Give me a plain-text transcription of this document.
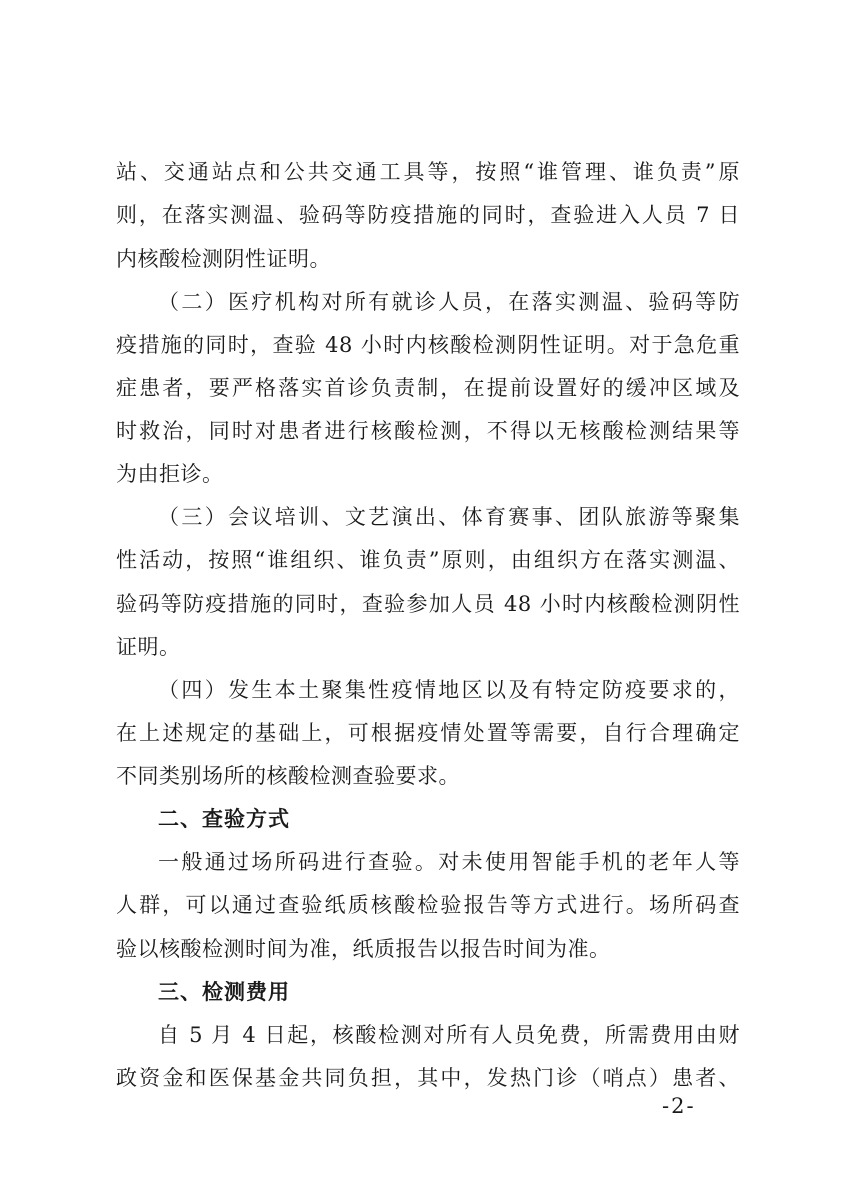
站、交通站点和公共交通工具等，按照“谁管理、谁负责”原
则，在落实测温、验码等防疫措施的同时，查验进入人员 7 日
内核酸检测阴性证明。
（二）医疗机构对所有就诊人员，在落实测温、验码等防
疫措施的同时，查验 48 小时内核酸检测阴性证明。对于急危重
症患者，要严格落实首诊负责制，在提前设置好的缓冲区域及
时救治，同时对患者进行核酸检测，不得以无核酸检测结果等
为由拒诊。
（三）会议培训、文艺演出、体育赛事、团队旅游等聚集
性活动，按照“谁组织、谁负责”原则，由组织方在落实测温、
验码等防疫措施的同时，查验参加人员 48 小时内核酸检测阴性
证明。
（四）发生本土聚集性疫情地区以及有特定防疫要求的，
在上述规定的基础上，可根据疫情处置等需要，自行合理确定
不同类别场所的核酸检测查验要求。
二、查验方式
一般通过场所码进行查验。对未使用智能手机的老年人等
人群，可以通过查验纸质核酸检验报告等方式进行。场所码查
验以核酸检测时间为准，纸质报告以报告时间为准。
三、检测费用
自 5 月 4 日起，核酸检测对所有人员免费，所需费用由财
政资金和医保基金共同负担，其中，发热门诊（哨点）患者、
-2-
